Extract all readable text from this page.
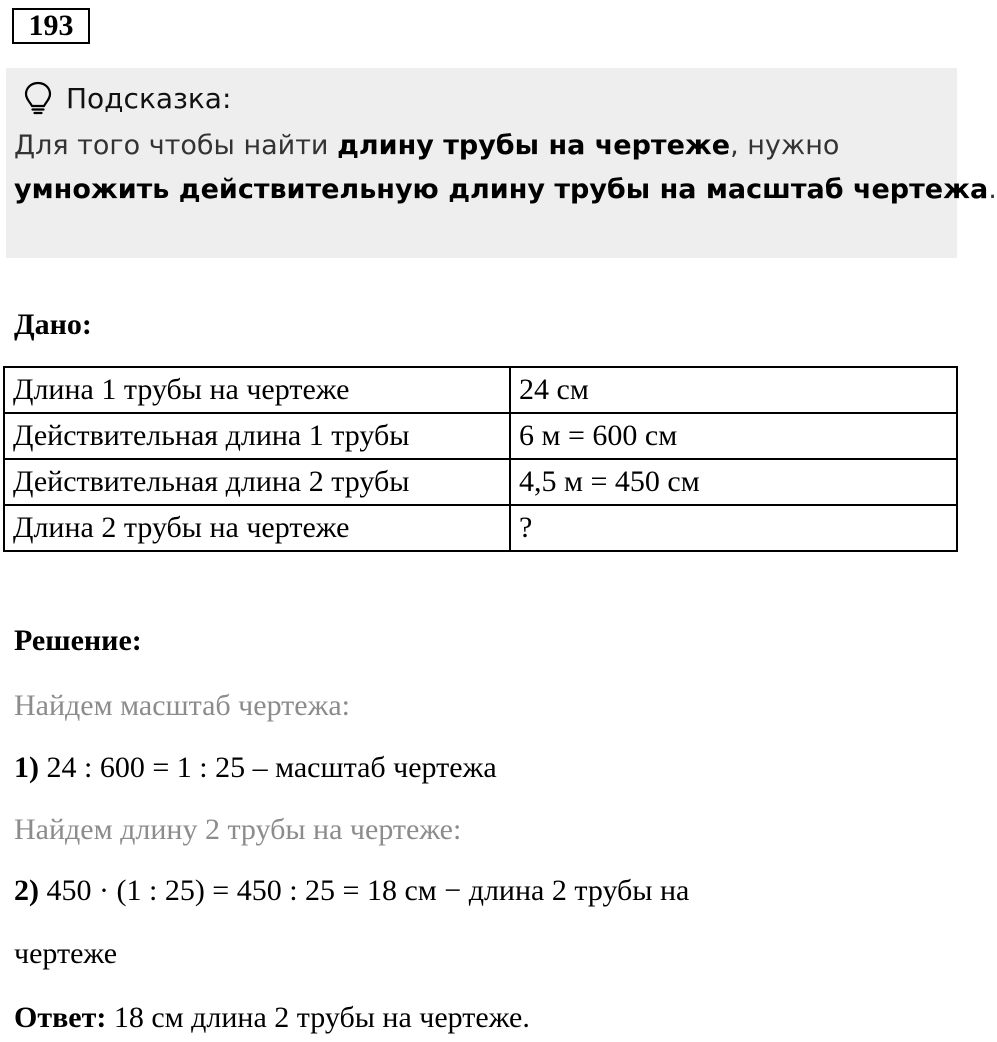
193
Подсказка:
Для того чтобы найти длину трубы на чертеже, нужно
умножить действительную длину трубы на масштаб чертежа.
Дано:
Длина 1 трубы на чертеже	24 см
Действительная длина 1 трубы	6 м = 600 см
Действительная длина 2 трубы	4,5 м = 450 см
Длина 2 трубы на чертеже	?
Решение:
Найдем масштаб чертежа:
1) 24 : 600 = 1 : 25 – масштаб чертежа
Найдем длину 2 трубы на чертеже:
2) 450 · (1 : 25) = 450 : 25 = 18 см − длина 2 трубы на
чертеже
Ответ: 18 см длина 2 трубы на чертеже.
